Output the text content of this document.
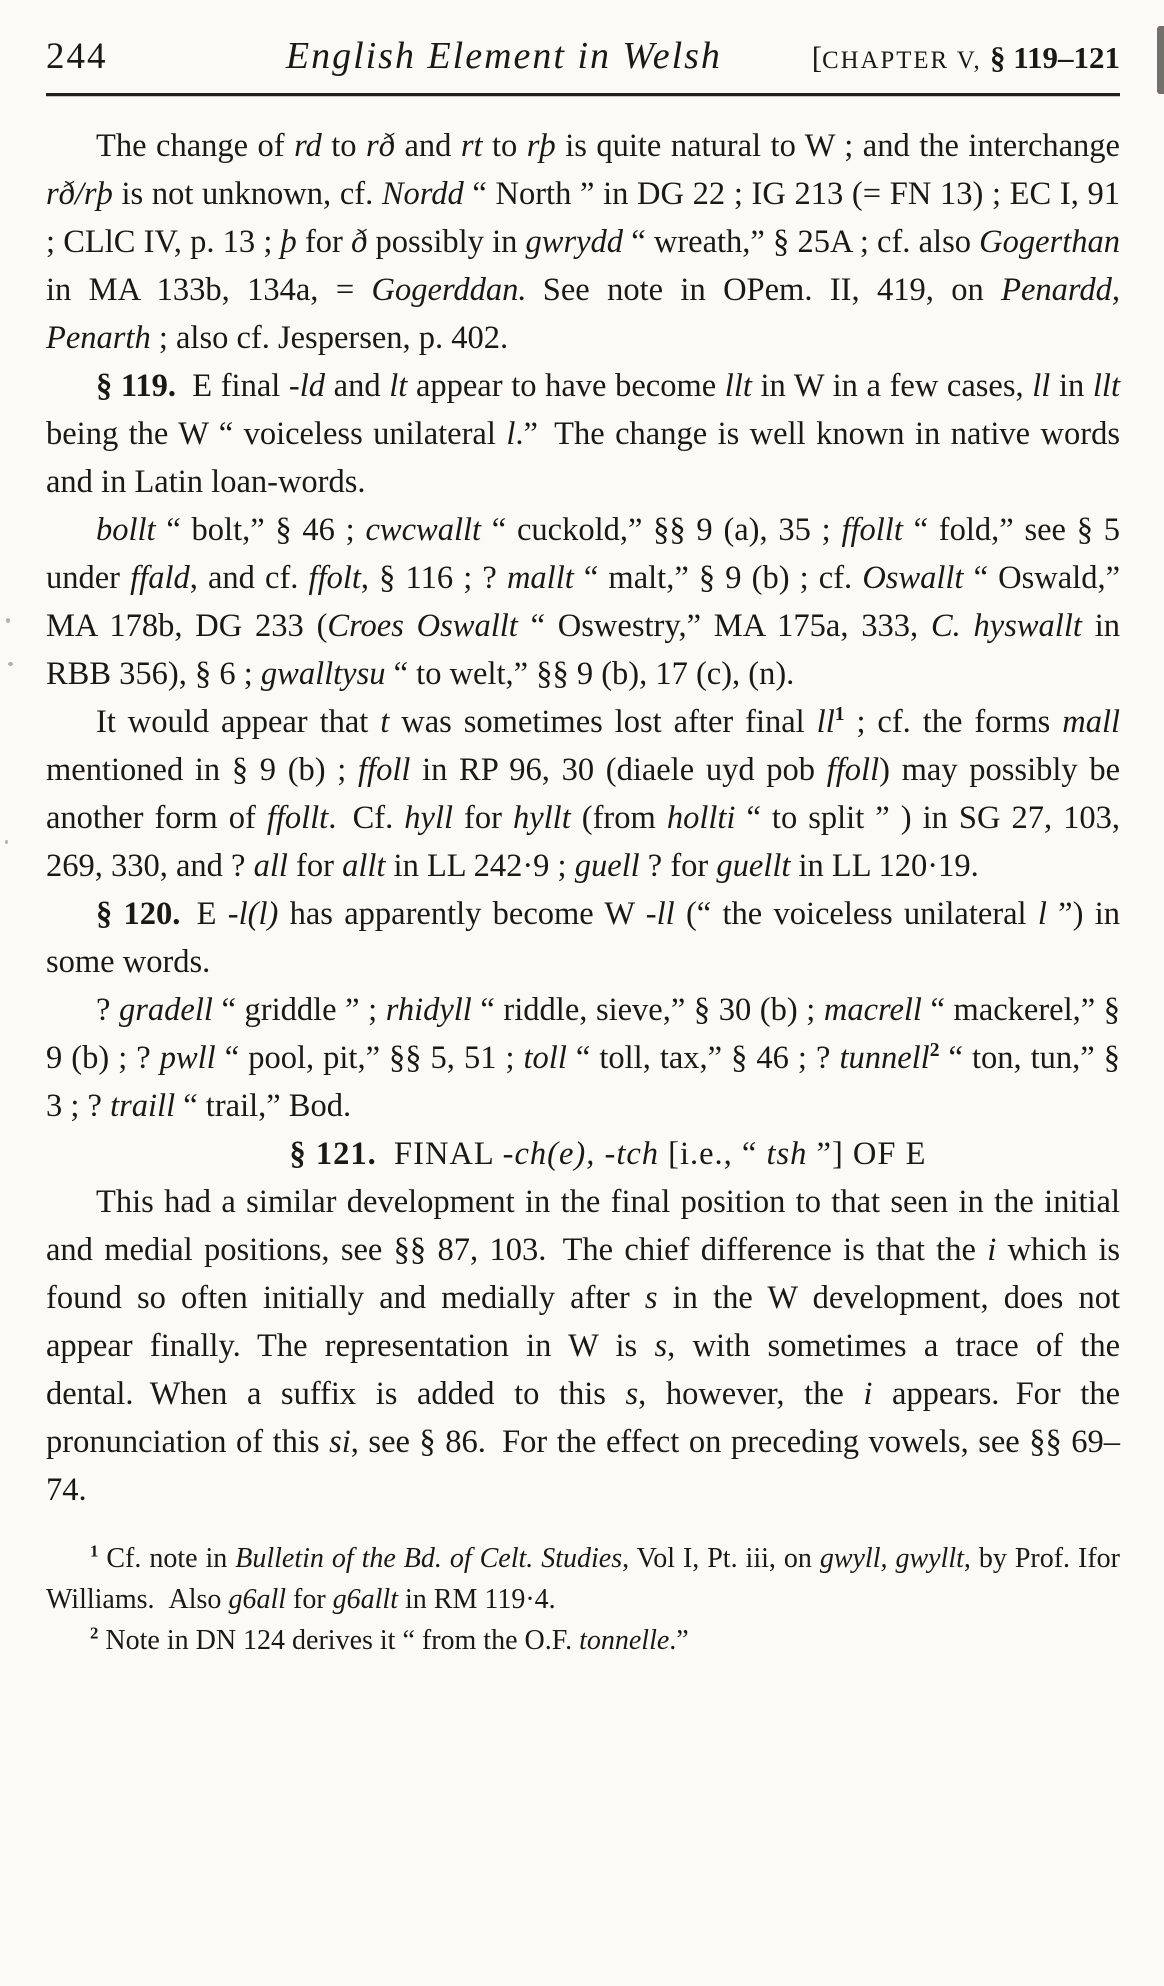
244	English Element in Welsh	[CHAPTER V, § 119–121

The change of rd to rð and rt to rþ is quite natural to W ; and the interchange rð/rþ is not unknown, cf. Nordd “ North ” in DG 22 ; IG 213 (= FN 13) ; EC I, 91 ; CLlC IV, p. 13 ; þ for ð possibly in gwrydd “ wreath,” § 25A ; cf. also Gogerthan in MA 133b, 134a, = Gogerddan. See note in OPem. II, 419, on Penardd, Penarth ; also cf. Jespersen, p. 402.

§ 119. E final -ld and lt appear to have become llt in W in a few cases, ll in llt being the W “ voiceless unilateral l.” The change is well known in native words and in Latin loan-words.

bollt “ bolt,” § 46 ; cwcwallt “ cuckold,” §§ 9 (a), 35 ; ffollt “ fold,” see § 5 under ffald, and cf. ffolt, § 116 ; ? mallt “ malt,” § 9 (b) ; cf. Oswallt “ Oswald,” MA 178b, DG 233 (Croes Oswallt “ Oswestry,” MA 175a, 333, C. hyswallt in RBB 356), § 6 ; gwalltysu “ to welt,” §§ 9 (b), 17 (c), (n).

It would appear that t was sometimes lost after final $ll^1$ ; cf. the forms mall mentioned in § 9 (b) ; ffoll in RP 96, 30 (diaele uyd pob ffoll) may possibly be another form of ffollt. Cf. hyll for hyllt (from hollti “ to split ” ) in SG 27, 103, 269, 330, and ? all for allt in LL 242·9 ; guell ? for guellt in LL 120·19.

§ 120. E -l(l) has apparently become W -ll (“ the voiceless unilateral l ”) in some words.

? gradell “ griddle ” ; rhidyll “ riddle, sieve,” § 30 (b) ; macrell “ mackerel,” § 9 (b) ; ? pwll “ pool, pit,” §§ 5, 51 ; toll “ toll, tax,” § 46 ; ? tunnell$^2$ “ ton, tun,” § 3 ; ? traill “ trail,” Bod.

§ 121. FINAL -ch(e), -tch [i.e., “ tsh ”] OF E

This had a similar development in the final position to that seen in the initial and medial positions, see §§ 87, 103. The chief difference is that the i which is found so often initially and medially after s in the W development, does not appear finally. The representation in W is s, with sometimes a trace of the dental. When a suffix is added to this s, however, the i appears. For the pronunciation of this si, see § 86. For the effect on preceding vowels, see §§ 69–74.

$^1$ Cf. note in Bulletin of the Bd. of Celt. Studies, Vol I, Pt. iii, on gwyll, gwyllt, by Prof. Ifor Williams. Also g6all for g6allt in RM 119·4.

$^2$ Note in DN 124 derives it “ from the O.F. tonnelle.”
